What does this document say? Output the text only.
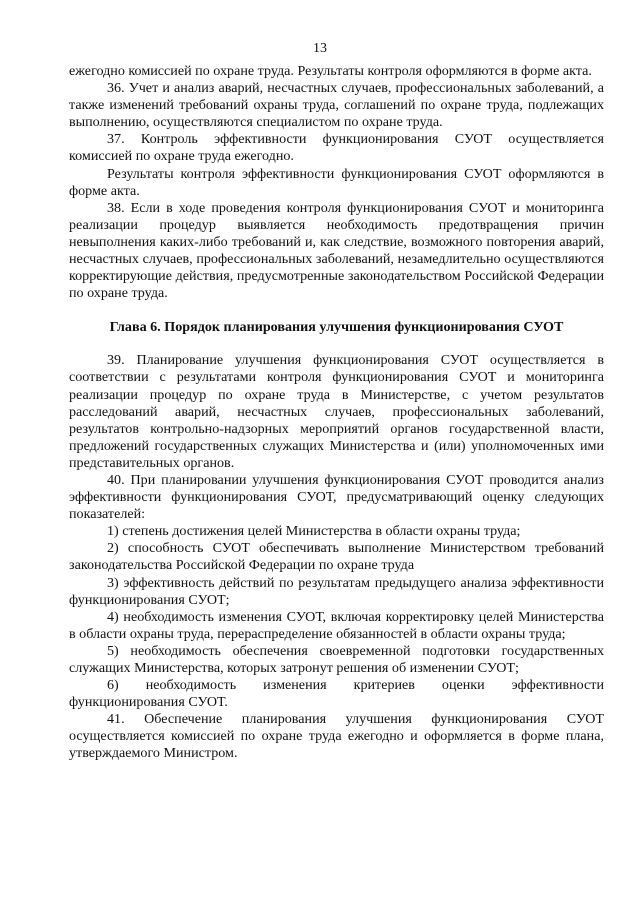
13

ежегодно комиссией по охране труда. Результаты контроля оформляются в форме акта.

36. Учет и анализ аварий, несчастных случаев, профессиональных заболеваний, а также изменений требований охраны труда, соглашений по охране труда, подлежащих выполнению, осуществляются специалистом по охране труда.

37. Контроль эффективности функционирования СУОТ осуществляется комиссией по охране труда ежегодно.

Результаты контроля эффективности функционирования СУОТ оформляются в форме акта.

38. Если в ходе проведения контроля функционирования СУОТ и мониторинга реализации процедур выявляется необходимость предотвращения причин невыполнения каких-либо требований и, как следствие, возможного повторения аварий, несчастных случаев, профессиональных заболеваний, незамедлительно осуществляются корректирующие действия, предусмотренные законодательством Российской Федерации по охране труда.

Глава 6. Порядок планирования улучшения функционирования СУОТ

39. Планирование улучшения функционирования СУОТ осуществляется в соответствии с результатами контроля функционирования СУОТ и мониторинга реализации процедур по охране труда в Министерстве, с учетом результатов расследований аварий, несчастных случаев, профессиональных заболеваний, результатов контрольно-надзорных мероприятий органов государственной власти, предложений государственных служащих Министерства и (или) уполномоченных ими представительных органов.

40. При планировании улучшения функционирования СУОТ проводится анализ эффективности функционирования СУОТ, предусматривающий оценку следующих показателей:

1) степень достижения целей Министерства в области охраны труда;

2) способность СУОТ обеспечивать выполнение Министерством требований законодательства Российской Федерации по охране труда

3) эффективность действий по результатам предыдущего анализа эффективности функционирования СУОТ;

4) необходимость изменения СУОТ, включая корректировку целей Министерства в области охраны труда, перераспределение обязанностей в области охраны труда;

5) необходимость обеспечения своевременной подготовки государственных служащих Министерства, которых затронут решения об изменении СУОТ;

6) необходимость изменения критериев оценки эффективности функционирования СУОТ.

41. Обеспечение планирования улучшения функционирования СУОТ осуществляется комиссией по охране труда ежегодно и оформляется в форме плана, утверждаемого Министром.
